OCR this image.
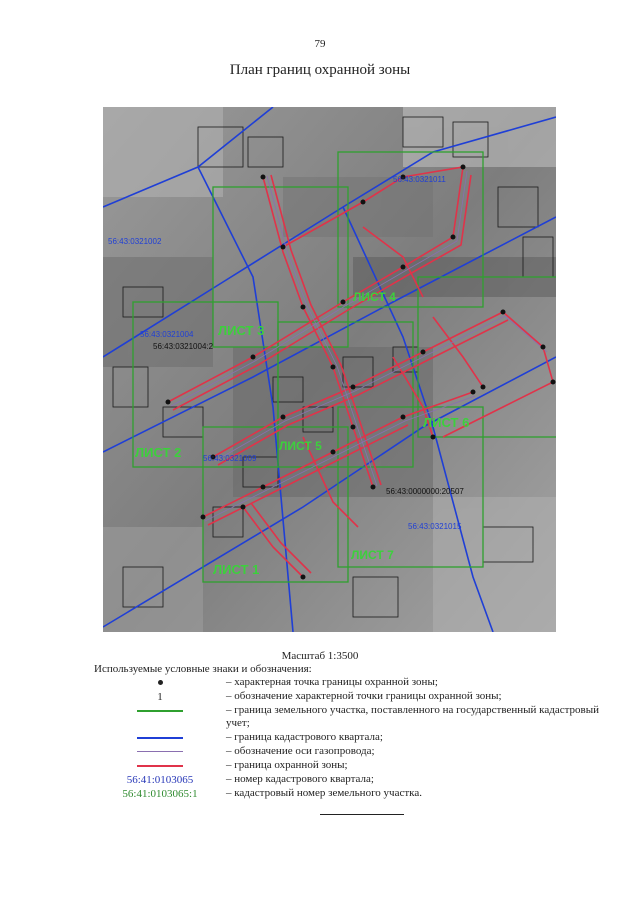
79
План границ охранной зоны
ЛИСТ 1
ЛИСТ 2
ЛИСТ 3
ЛИСТ 4
ЛИСТ 5
ЛИСТ 6
ЛИСТ 7
56:43:0321011
56:43:0321002
56:43:0321004
56:43:0321009
56:43:0321015
56:43:0321004:2
56:43:0000000:20507
Масштаб 1:3500
Используемые условные знаки и обозначения:
– характерная точка границы охранной зоны;
1	– обозначение характерной точки границы охранной зоны;
– граница земельного участка, поставленного на государственный кадастровый учет;
– граница кадастрового квартала;
– обозначение оси газопровода;
– граница охранной зоны;
56:41:0103065	– номер кадастрового квартала;
56:41:0103065:1	– кадастровый номер земельного участка.
